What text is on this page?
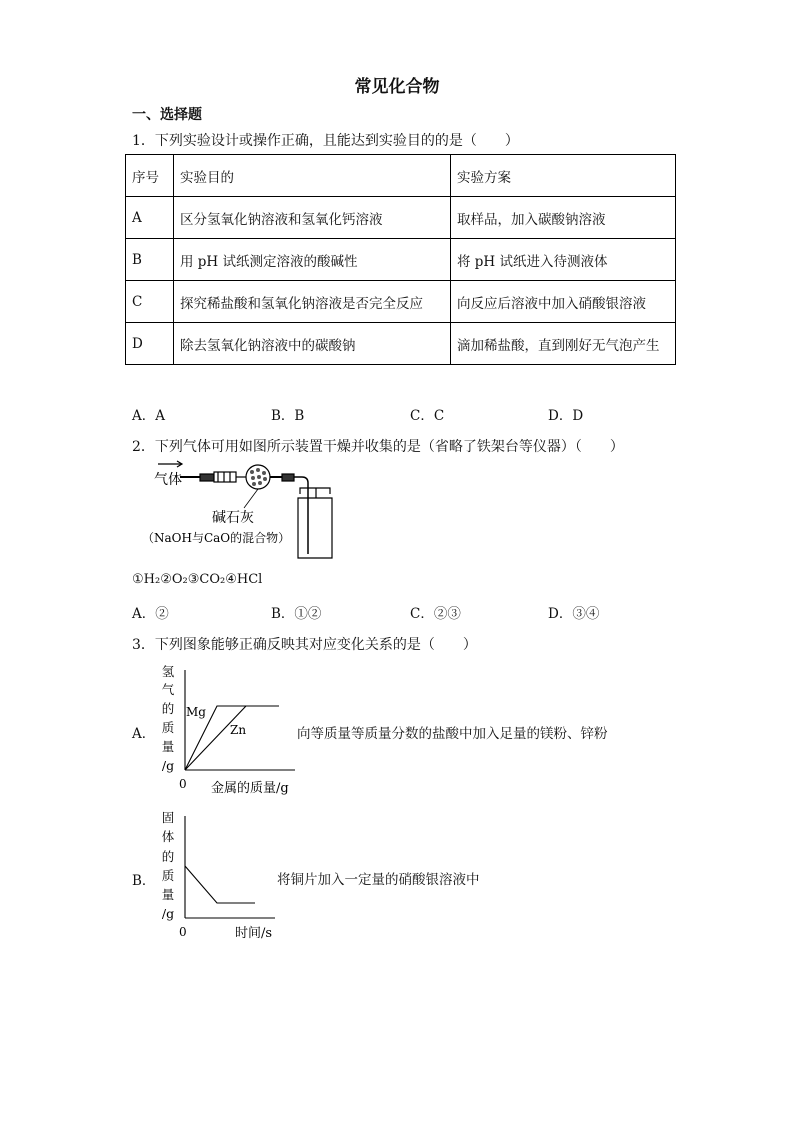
常见化合物
一、选择题
1．下列实验设计或操作正确，且能达到实验目的的是（　　）
序号	实验目的	实验方案
A	区分氢氧化钠溶液和氢氧化钙溶液	取样品，加入碳酸钠溶液
B	用 pH 试纸测定溶液的酸碱性	将 pH 试纸进入待测液体
C	探究稀盐酸和氢氧化钠溶液是否完全反应	向反应后溶液中加入硝酸银溶液
D	除去氢氧化钠溶液中的碳酸钠	滴加稀盐酸，直到刚好无气泡产生
A．A	B．B	C．C	D．D
2．下列气体可用如图所示装置干燥并收集的是（省略了铁架台等仪器）（　　）
气体
碱石灰
（NaOH与CaO的混合物）
①H₂②O₂③CO₂④HCl
A．②	B．①②	C．②③	D．③④
3．下列图象能够正确反映其对应变化关系的是（　　）
A．
氢
气
的
质
量
/g
Mg
Zn
0 金属的质量/g
向等质量等质量分数的盐酸中加入足量的镁粉、锌粉
B．
固
体
的
质
量
/g
0	时间/s
将铜片加入一定量的硝酸银溶液中
